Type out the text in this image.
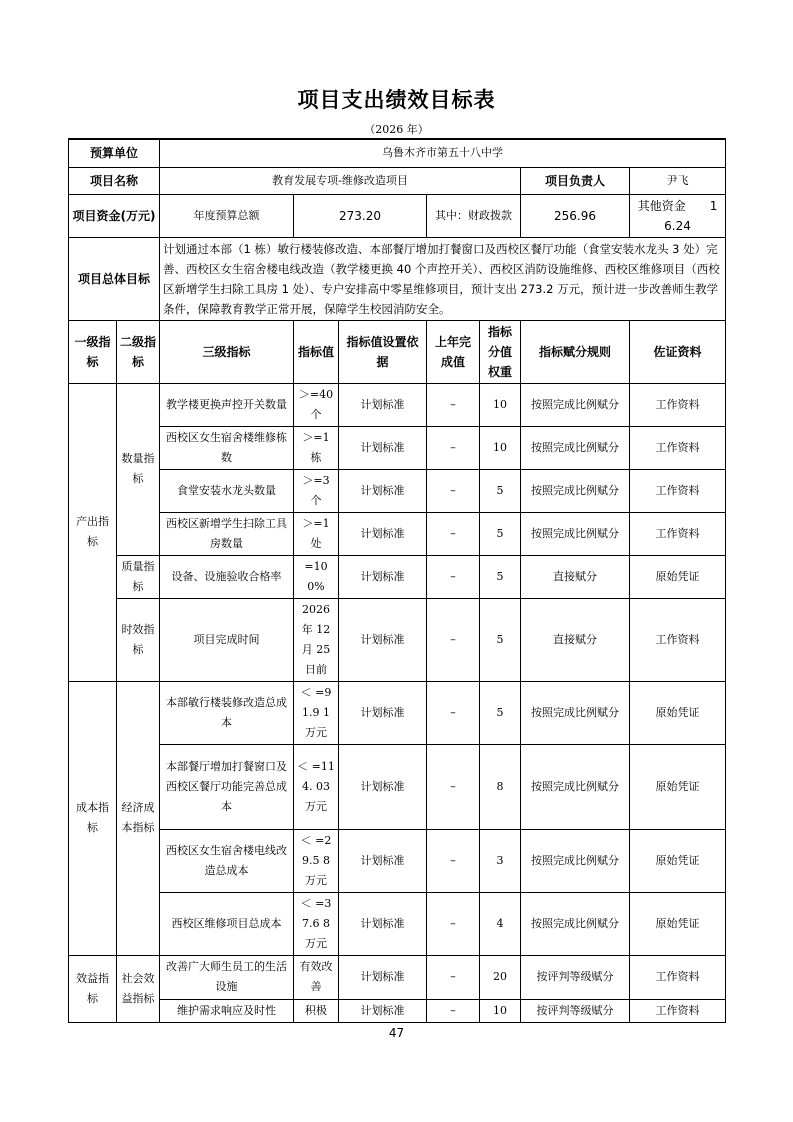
项目支出绩效目标表
（2026 年）
预算单位		乌鲁木齐市第五十八中学						
项目名称		教育发展专项-维修改造项目					项目负责人	尹飞
项目资金(万元)		年度预算总额	273.20		其中：财政拨款		256.96	其他资金　　 16.24
项目总体目标		计划通过本部（1 栋）敏行楼装修改造、本部餐厅增加打餐窗口及西校区餐厅功能（食堂安装水龙头 3 处）完善、西校区女生宿舍楼电线改造（教学楼更换 40 个声控开关）、西校区消防设施维修、西校区维修项目（西校区新增学生扫除工具房 1 处）、专户安排高中零星维修项目，预计支出 273.2 万元，预计进一步改善师生教学条件，保障教育教学正常开展，保障学生校园消防安全。						
一级指标	二级指标	三级指标	指标值	指标值设置依据	上年完成值	指标分值权重	指标赋分规则	佐证资料
产出指标	数量指标	教学楼更换声控开关数量	＞=40 个	计划标准	–	10	按照完成比例赋分	工作资料
		西校区女生宿舍楼维修栋数	＞=1 栋	计划标准	–	10	按照完成比例赋分	工作资料
		食堂安装水龙头数量	＞=3 个	计划标准	–	5	按照完成比例赋分	工作资料
		西校区新增学生扫除工具房数量	＞=1 处	计划标准	–	5	按照完成比例赋分	工作资料
	质量指标	设备、设施验收合格率	=100%	计划标准	–	5	直接赋分	原始凭证
	时效指标	项目完成时间	2026 年 12 月 25 日前	计划标准	–	5	直接赋分	工作资料
成本指标	经济成本指标	本部敏行楼装修改造总成本	＜ =91.9 1 万元	计划标准	–	5	按照完成比例赋分	原始凭证
		本部餐厅增加打餐窗口及西校区餐厅功能完善总成本	＜ =114. 03 万元	计划标准	–	8	按照完成比例赋分	原始凭证
		西校区女生宿舍楼电线改造总成本	＜ =29.5 8 万元	计划标准	–	3	按照完成比例赋分	原始凭证
		西校区维修项目总成本	＜ =37.6 8 万元	计划标准	–	4	按照完成比例赋分	原始凭证
效益指标	社会效益指标	改善广大师生员工的生活设施	有效改善	计划标准	–	20	按评判等级赋分	工作资料
		维护需求响应及时性	积极	计划标准	–	10	按评判等级赋分	工作资料
47
